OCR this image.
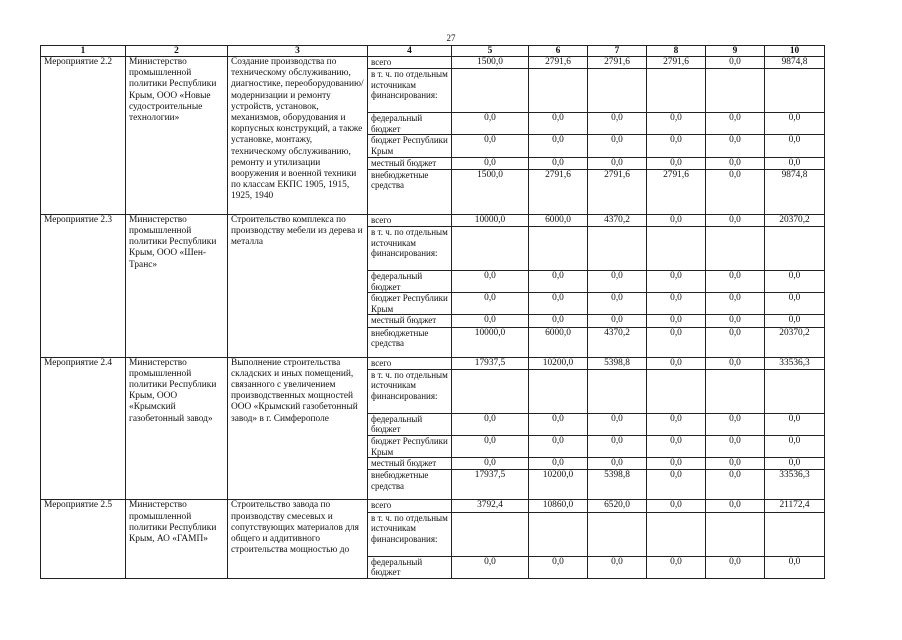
27
1	2	3	4	5	6	7	8	9	10
Мероприятие 2.2	Министерство промышленной политики Республики Крым, ООО «Новые судостроительные технологии»	Создание производства по техническому обслуживанию, диагностике, переоборудованию/модернизации и ремонту устройств, установок, механизмов, оборудования и корпусных конструкций, а также установке, монтажу, техническому обслуживанию, ремонту и утилизации вооружения и военной техники по классам ЕКПС 1905, 1915, 1925, 1940	всего	1500,0	2791,6	2791,6	2791,6	0,0	9874,8
			в т. ч. по отдельным источникам финансирования:						
			федеральный бюджет	0,0	0,0	0,0	0,0	0,0	0,0
			бюджет Республики Крым	0,0	0,0	0,0	0,0	0,0	0,0
			местный бюджет	0,0	0,0	0,0	0,0	0,0	0,0
			внебюджетные средства	1500,0	2791,6	2791,6	2791,6	0,0	9874,8
Мероприятие 2.3	Министерство промышленной политики Республики Крым, ООО «Шен-Транс»	Строительство комплекса по производству мебели из дерева и металла	всего	10000,0	6000,0	4370,2	0,0	0,0	20370,2
			в т. ч. по отдельным источникам финансирования:						
			федеральный бюджет	0,0	0,0	0,0	0,0	0,0	0,0
			бюджет Республики Крым	0,0	0,0	0,0	0,0	0,0	0,0
			местный бюджет	0,0	0,0	0,0	0,0	0,0	0,0
			внебюджетные средства	10000,0	6000,0	4370,2	0,0	0,0	20370,2
Мероприятие 2.4	Министерство промышленной политики Республики Крым, ООО «Крымский газобетонный завод»	Выполнение строительства складских и иных помещений, связанного с увеличением производственных мощностей ООО «Крымский газобетонный завод» в г. Симферополе	всего	17937,5	10200,0	5398,8	0,0	0,0	33536,3
			в т. ч. по отдельным источникам финансирования:						
			федеральный бюджет	0,0	0,0	0,0	0,0	0,0	0,0
			бюджет Республики Крым	0,0	0,0	0,0	0,0	0,0	0,0
			местный бюджет	0,0	0,0	0,0	0,0	0,0	0,0
			внебюджетные средства	17937,5	10200,0	5398,8	0,0	0,0	33536,3
Мероприятие 2.5	Министерство промышленной политики Республики Крым, АО «ГАМП»	Строительство завода по производству смесевых и сопутствующих материалов для общего и аддитивного строительства мощностью до	всего	3792,4	10860,0	6520,0	0,0	0,0	21172,4
			в т. ч. по отдельным источникам финансирования:						
			федеральный бюджет	0,0	0,0	0,0	0,0	0,0	0,0
